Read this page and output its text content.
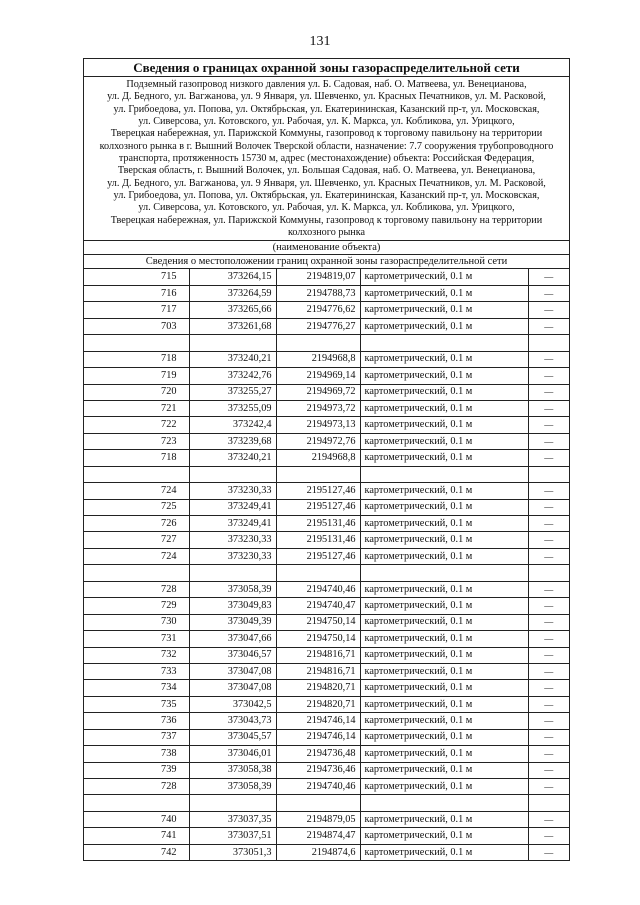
131
Сведения о границах охранной зоны газораспределительной сети
Подземный газопровод низкого давления ул. Б. Садовая, наб. О. Матвеева, ул. Венецианова,
ул. Д. Бедного, ул. Вагжанова, ул. 9 Января, ул. Шевченко, ул. Красных Печатников, ул. М. Расковой,
ул. Грибоедова, ул. Попова, ул. Октябрьская, ул. Екатерининская, Казанский пр-т, ул. Московская,
ул. Сиверсова, ул. Котовского, ул. Рабочая, ул. К. Маркса, ул. Кобликова, ул. Урицкого,
Тверецкая набережная, ул. Парижской Коммуны, газопровод к торговому павильону на территории
колхозного рынка в г. Вышний Волочек Тверской области, назначение: 7.7 сооружения трубопроводного
транспорта, протяженность 15730 м, адрес (местонахождение) объекта: Российская Федерация,
Тверская область, г. Вышний Волочек, ул. Большая Садовая, наб. О. Матвеева, ул. Венецианова,
ул. Д. Бедного, ул. Вагжанова, ул. 9 Января, ул. Шевченко, ул. Красных Печатников, ул. М. Расковой,
ул. Грибоедова, ул. Попова, ул. Октябрьская, ул. Екатерининская, Казанский пр-т, ул. Московская,
ул. Сиверсова, ул. Котовского, ул. Рабочая, ул. К. Маркса, ул. Кобликова, ул. Урицкого,
Тверецкая набережная, ул. Парижской Коммуны, газопровод к торговому павильону на территории
колхозного рынка
(наименование объекта)
Сведения о местоположении границ охранной зоны газораспределительной сети
715	373264,15	2194819,07	картометрический, 0.1 м	—
716	373264,59	2194788,73	картометрический, 0.1 м	—
717	373265,66	2194776,62	картометрический, 0.1 м	—
703	373261,68	2194776,27	картометрический, 0.1 м	—

718	373240,21	2194968,8	картометрический, 0.1 м	—
719	373242,76	2194969,14	картометрический, 0.1 м	—
720	373255,27	2194969,72	картометрический, 0.1 м	—
721	373255,09	2194973,72	картометрический, 0.1 м	—
722	373242,4	2194973,13	картометрический, 0.1 м	—
723	373239,68	2194972,76	картометрический, 0.1 м	—
718	373240,21	2194968,8	картометрический, 0.1 м	—

724	373230,33	2195127,46	картометрический, 0.1 м	—
725	373249,41	2195127,46	картометрический, 0.1 м	—
726	373249,41	2195131,46	картометрический, 0.1 м	—
727	373230,33	2195131,46	картометрический, 0.1 м	—
724	373230,33	2195127,46	картометрический, 0.1 м	—

728	373058,39	2194740,46	картометрический, 0.1 м	—
729	373049,83	2194740,47	картометрический, 0.1 м	—
730	373049,39	2194750,14	картометрический, 0.1 м	—
731	373047,66	2194750,14	картометрический, 0.1 м	—
732	373046,57	2194816,71	картометрический, 0.1 м	—
733	373047,08	2194816,71	картометрический, 0.1 м	—
734	373047,08	2194820,71	картометрический, 0.1 м	—
735	373042,5	2194820,71	картометрический, 0.1 м	—
736	373043,73	2194746,14	картометрический, 0.1 м	—
737	373045,57	2194746,14	картометрический, 0.1 м	—
738	373046,01	2194736,48	картометрический, 0.1 м	—
739	373058,38	2194736,46	картометрический, 0.1 м	—
728	373058,39	2194740,46	картометрический, 0.1 м	—

740	373037,35	2194879,05	картометрический, 0.1 м	—
741	373037,51	2194874,47	картометрический, 0.1 м	—
742	373051,3	2194874,6	картометрический, 0.1 м	—
